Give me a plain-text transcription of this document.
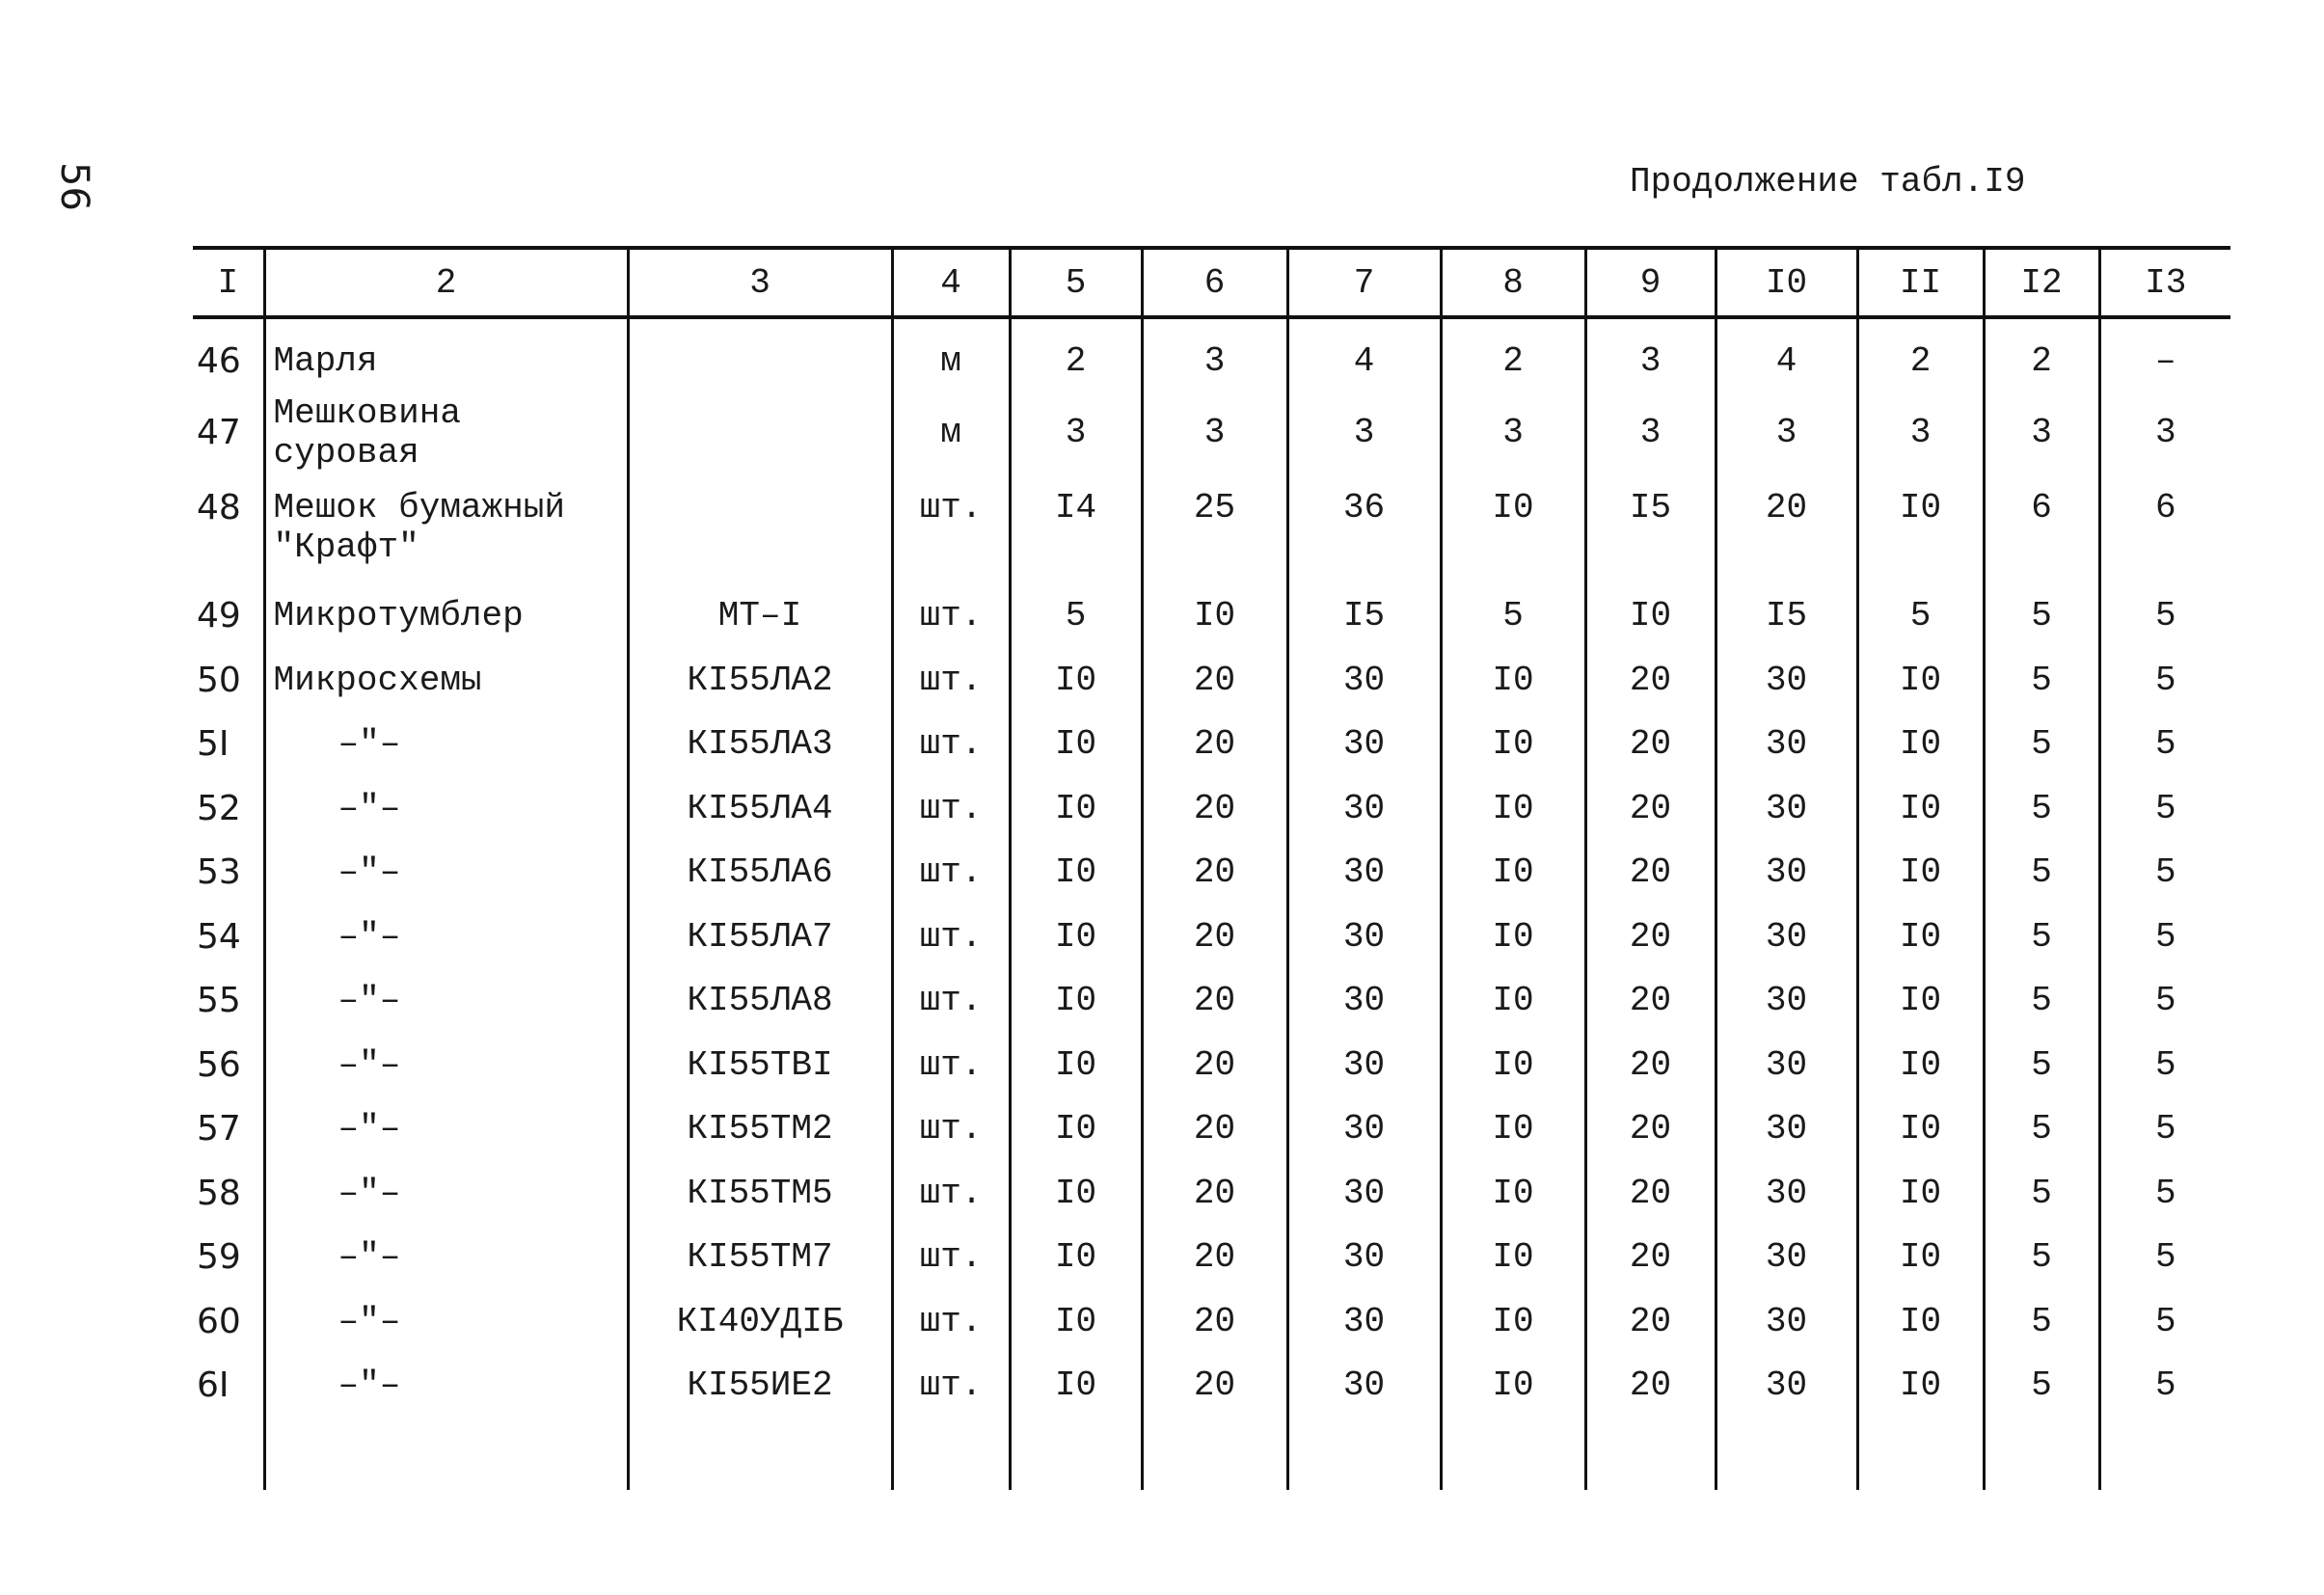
56	Продолжение табл.I9
I	2	3	4	5	6	7	8	9	I0	II	I2	I3
46	Марля		м	2	3	4	2	3	4	2	2	–
47	Мешковина суровая		м	3	3	3	3	3	3	3	3	3
48	Мешок бумажный "Крафт"		шт.	I4	25	36	I0	I5	20	I0	6	6
49	Микротумблер	МТ–I	шт.	5	I0	I5	5	I0	I5	5	5	5
50	Микросхемы	КI55ЛА2	шт.	I0	20	30	I0	20	30	I0	5	5
5I	–"–	КI55ЛА3	шт.	I0	20	30	I0	20	30	I0	5	5
52	–"–	КI55ЛА4	шт.	I0	20	30	I0	20	30	I0	5	5
53	–"–	КI55ЛА6	шт.	I0	20	30	I0	20	30	I0	5	5
54	–"–	КI55ЛА7	шт.	I0	20	30	I0	20	30	I0	5	5
55	–"–	КI55ЛА8	шт.	I0	20	30	I0	20	30	I0	5	5
56	–"–	КI55ТВI	шт.	I0	20	30	I0	20	30	I0	5	5
57	–"–	КI55ТМ2	шт.	I0	20	30	I0	20	30	I0	5	5
58	–"–	КI55ТМ5	шт.	I0	20	30	I0	20	30	I0	5	5
59	–"–	КI55ТМ7	шт.	I0	20	30	I0	20	30	I0	5	5
60	–"–	КI40УДIБ	шт.	I0	20	30	I0	20	30	I0	5	5
6I	–"–	КI55ИЕ2	шт.	I0	20	30	I0	20	30	I0	5	5
